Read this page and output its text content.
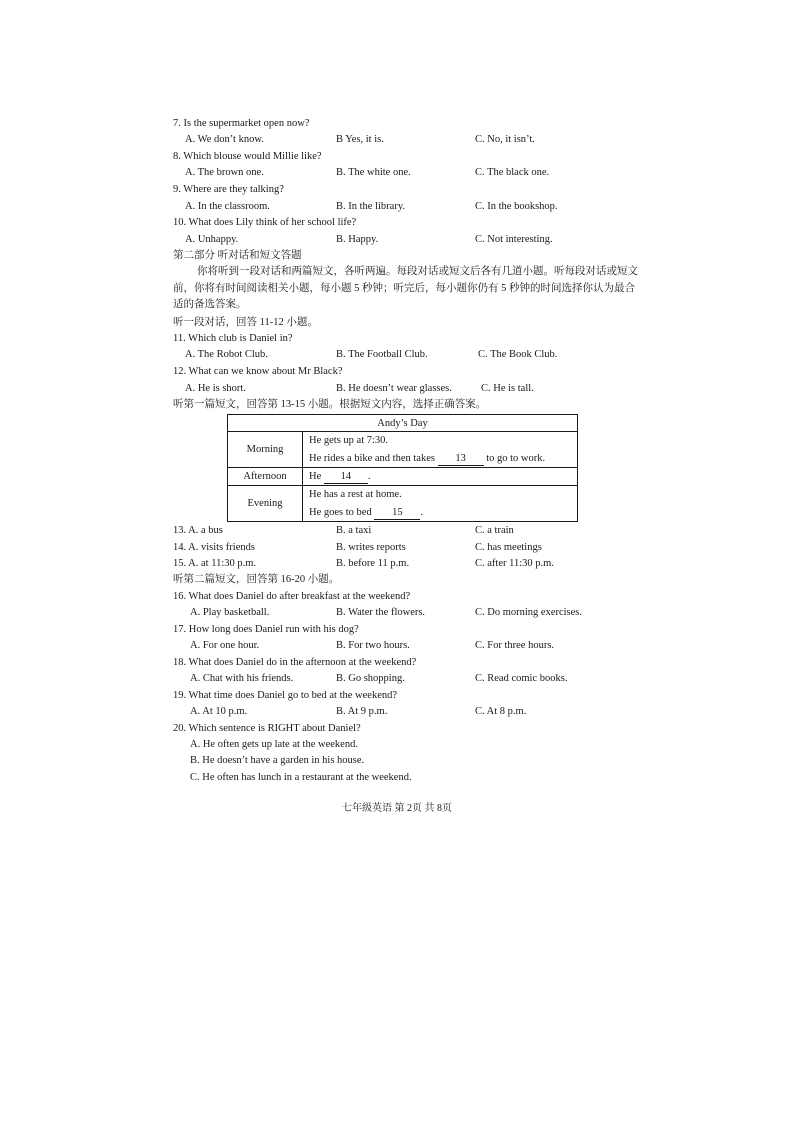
7. Is the supermarket open now?
A. We don’t know.	B Yes, it is.	C. No, it isn’t.
8. Which blouse would Millie like?
A. The brown one.	B. The white one.	C. The black one.
9. Where are they talking?
A. In the classroom.	B. In the library.	C. In the bookshop.
10. What does Lily think of her school life?
A. Unhappy.	B. Happy.	C. Not interesting.
第二部分 听对话和短文答题
你将听到一段对话和两篇短文，各听两遍。每段对话或短文后各有几道小题。听每段对话或短文前，你将有时间阅读相关小题，每小题 5 秒钟；听完后，每小题你仍有 5 秒钟的时间选择你认为最合适的备选答案。
听一段对话，回答 11-12 小题。
11. Which club is Daniel in?
A. The Robot Club.	B. The Football Club.	C. The Book Club.
12. What can we know about Mr Black?
A. He is short.	B. He doesn’t wear glasses.	C. He is tall.
听第一篇短文，回答第 13-15 小题。根据短文内容，选择正确答案。
Andy’s Day	
Morning	He gets up at 7:30.
He rides a bike and then takes 13 to go to work.

Afternoon	He 14 .
Evening	He has a rest at home.
He goes to bed 15 .
13. A. a bus	B. a taxi	C. a train
14. A. visits friends	B. writes reports	C. has meetings
15. A. at 11:30 p.m.	B. before 11 p.m.	C. after 11:30 p.m.
听第二篇短文，回答第 16-20 小题。
16. What does Daniel do after breakfast at the weekend?
A. Play basketball.	B. Water the flowers.	C. Do morning exercises.
17. How long does Daniel run with his dog?
A. For one hour.	B. For two hours.	C. For three hours.
18. What does Daniel do in the afternoon at the weekend?
A. Chat with his friends.	B. Go shopping.	C. Read comic books.
19. What time does Daniel go to bed at the weekend?
A. At 10 p.m.	B. At 9 p.m.	C. At 8 p.m.
20. Which sentence is RIGHT about Daniel?
A. He often gets up late at the weekend.
B. He doesn’t have a garden in his house.
C. He often has lunch in a restaurant at the weekend.
七年级英语 第 2页 共 8页
